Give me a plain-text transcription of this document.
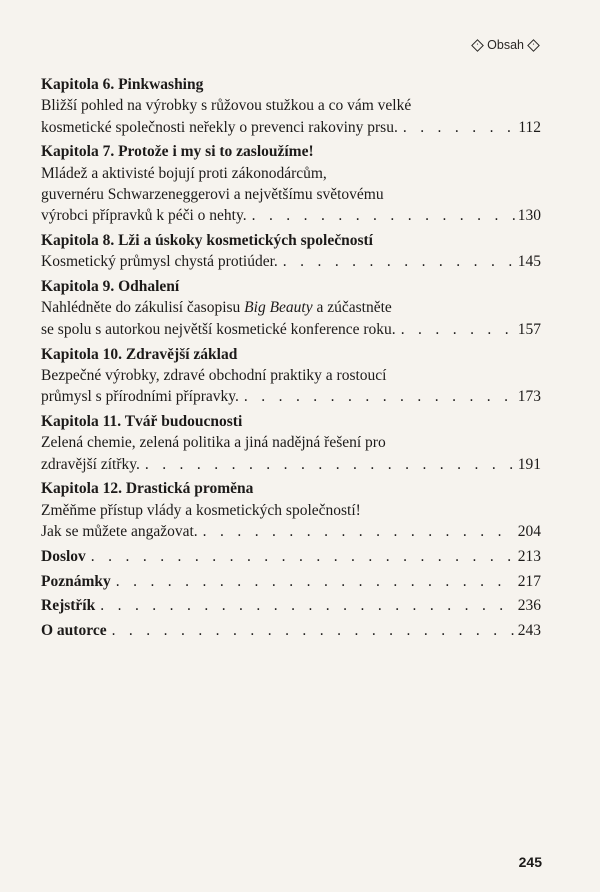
Obsah
Kapitola 6. Pinkwashing
Bližší pohled na výrobky s růžovou stužkou a co vám velké
kosmetické společnosti neřekly o prevenci rakoviny prsu. . . .	112
Kapitola 7. Protože i my si to zasloužíme!
Mládež a aktivisté bojují proti zákonodárcům,
guvernéru Schwarzeneggerovi a největšímu světovému
výrobci přípravků k péči o nehty. . . .	130
Kapitola 8. Lži a úskoky kosmetických společností
Kosmetický průmysl chystá protiúder. . . .	145
Kapitola 9. Odhalení
Nahlédněte do zákulisí časopisu Big Beauty a zúčastněte
se spolu s autorkou největší kosmetické konference roku. . . .	157
Kapitola 10. Zdravější základ
Bezpečné výrobky, zdravé obchodní praktiky a rostoucí
průmysl s přírodními přípravky. . . .	173
Kapitola 11. Tvář budoucnosti
Zelená chemie, zelená politika a jiná nadějná řešení pro
zdravější zítřky. . . .	191
Kapitola 12. Drastická proměna
Změňme přístup vlády a kosmetických společností!
Jak se můžete angažovat. . . .	204
Doslov . . .	213
Poznámky . . .	217
Rejstřík . . .	236
O autorce . . .	243
245
